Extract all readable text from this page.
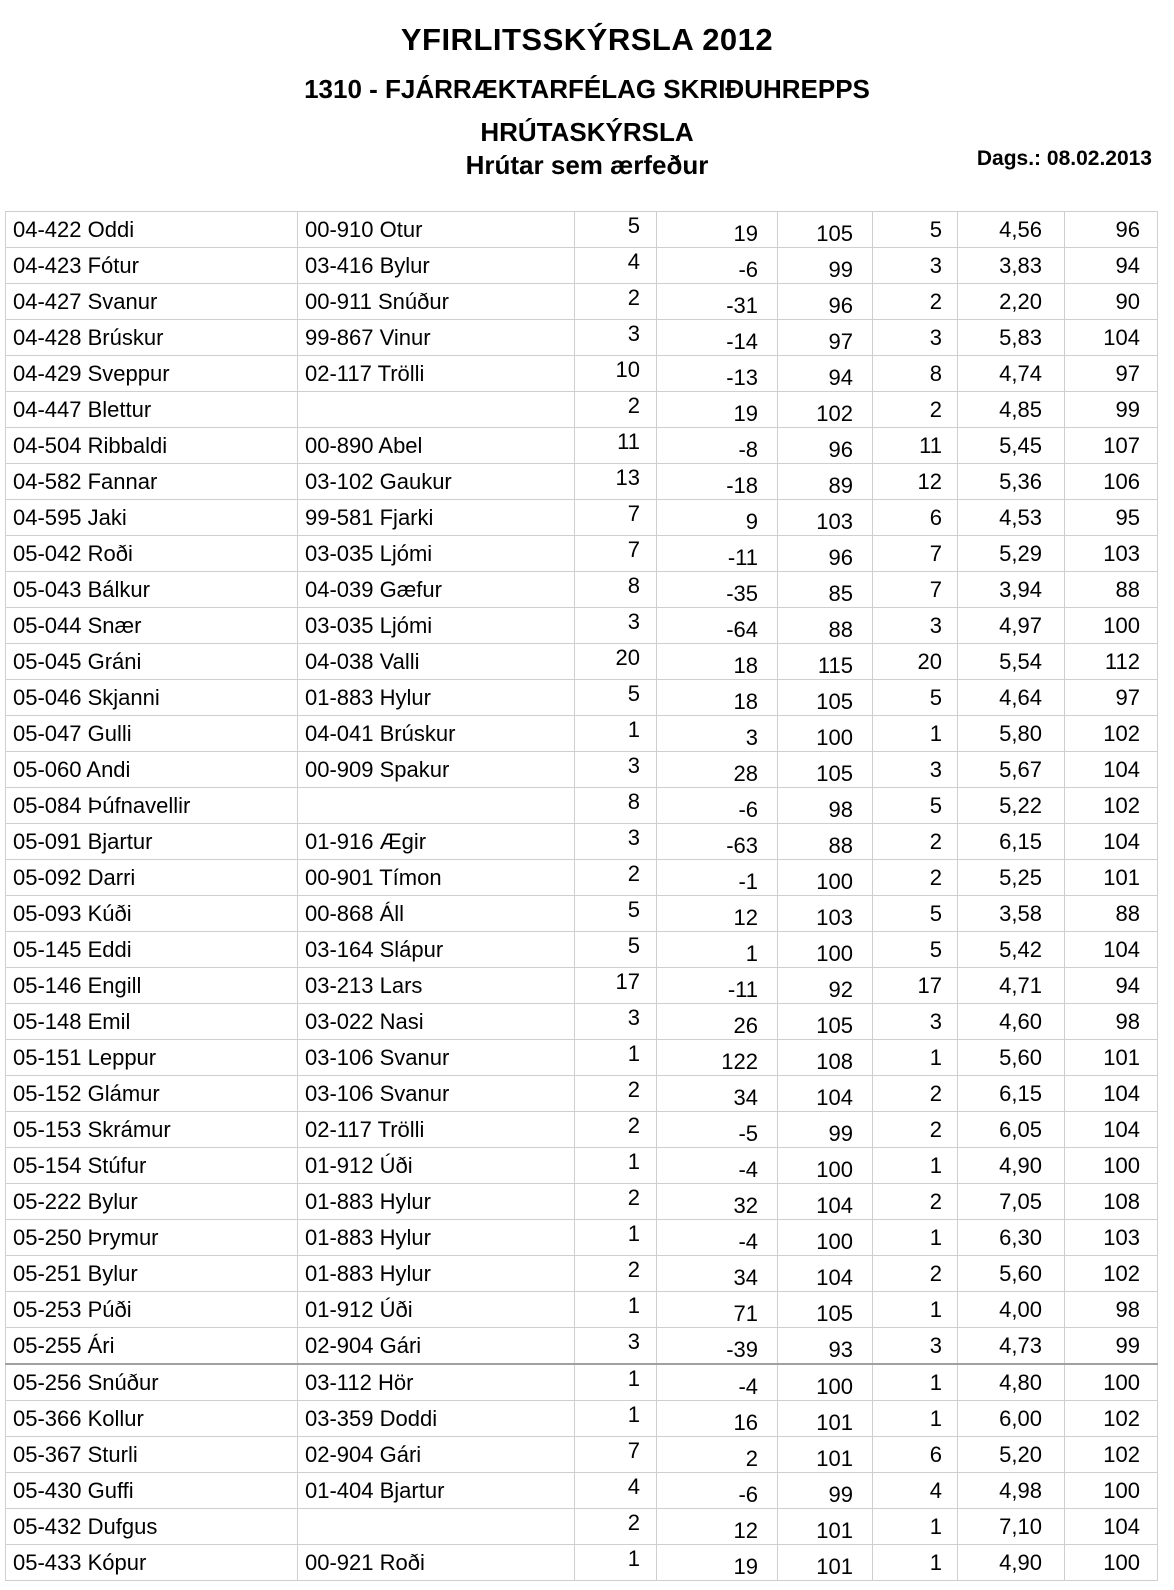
YFIRLITSSKÝRSLA 2012
1310 - FJÁRRÆKTARFÉLAG SKRIÐUHREPPS
HRÚTASKÝRSLA
Hrútar sem ærfeður	Dags.: 08.02.2013
04-422 Oddi	00-910 Otur	5	19	105	5	4,56	96
04-423 Fótur	03-416 Bylur	4	-6	99	3	3,83	94
04-427 Svanur	00-911 Snúður	2	-31	96	2	2,20	90
04-428 Brúskur	99-867 Vinur	3	-14	97	3	5,83	104
04-429 Sveppur	02-117 Trölli	10	-13	94	8	4,74	97
04-447 Blettur		2	19	102	2	4,85	99
04-504 Ribbaldi	00-890 Abel	11	-8	96	11	5,45	107
04-582 Fannar	03-102 Gaukur	13	-18	89	12	5,36	106
04-595 Jaki	99-581 Fjarki	7	9	103	6	4,53	95
05-042 Roði	03-035 Ljómi	7	-11	96	7	5,29	103
05-043 Bálkur	04-039 Gæfur	8	-35	85	7	3,94	88
05-044 Snær	03-035 Ljómi	3	-64	88	3	4,97	100
05-045 Gráni	04-038 Valli	20	18	115	20	5,54	112
05-046 Skjanni	01-883 Hylur	5	18	105	5	4,64	97
05-047 Gulli	04-041 Brúskur	1	3	100	1	5,80	102
05-060 Andi	00-909 Spakur	3	28	105	3	5,67	104
05-084 Þúfnavellir		8	-6	98	5	5,22	102
05-091 Bjartur	01-916 Ægir	3	-63	88	2	6,15	104
05-092 Darri	00-901 Tímon	2	-1	100	2	5,25	101
05-093 Kúði	00-868 Áll	5	12	103	5	3,58	88
05-145 Eddi	03-164 Slápur	5	1	100	5	5,42	104
05-146 Engill	03-213 Lars	17	-11	92	17	4,71	94
05-148 Emil	03-022 Nasi	3	26	105	3	4,60	98
05-151 Leppur	03-106 Svanur	1	122	108	1	5,60	101
05-152 Glámur	03-106 Svanur	2	34	104	2	6,15	104
05-153 Skrámur	02-117 Trölli	2	-5	99	2	6,05	104
05-154 Stúfur	01-912 Úði	1	-4	100	1	4,90	100
05-222 Bylur	01-883 Hylur	2	32	104	2	7,05	108
05-250 Þrymur	01-883 Hylur	1	-4	100	1	6,30	103
05-251 Bylur	01-883 Hylur	2	34	104	2	5,60	102
05-253 Púði	01-912 Úði	1	71	105	1	4,00	98
05-255 Ári	02-904 Gári	3	-39	93	3	4,73	99
05-256 Snúður	03-112 Hör	1	-4	100	1	4,80	100
05-366 Kollur	03-359 Doddi	1	16	101	1	6,00	102
05-367 Sturli	02-904 Gári	7	2	101	6	5,20	102
05-430 Guffi	01-404 Bjartur	4	-6	99	4	4,98	100
05-432 Dufgus		2	12	101	1	7,10	104
05-433 Kópur	00-921 Roði	1	19	101	1	4,90	100
